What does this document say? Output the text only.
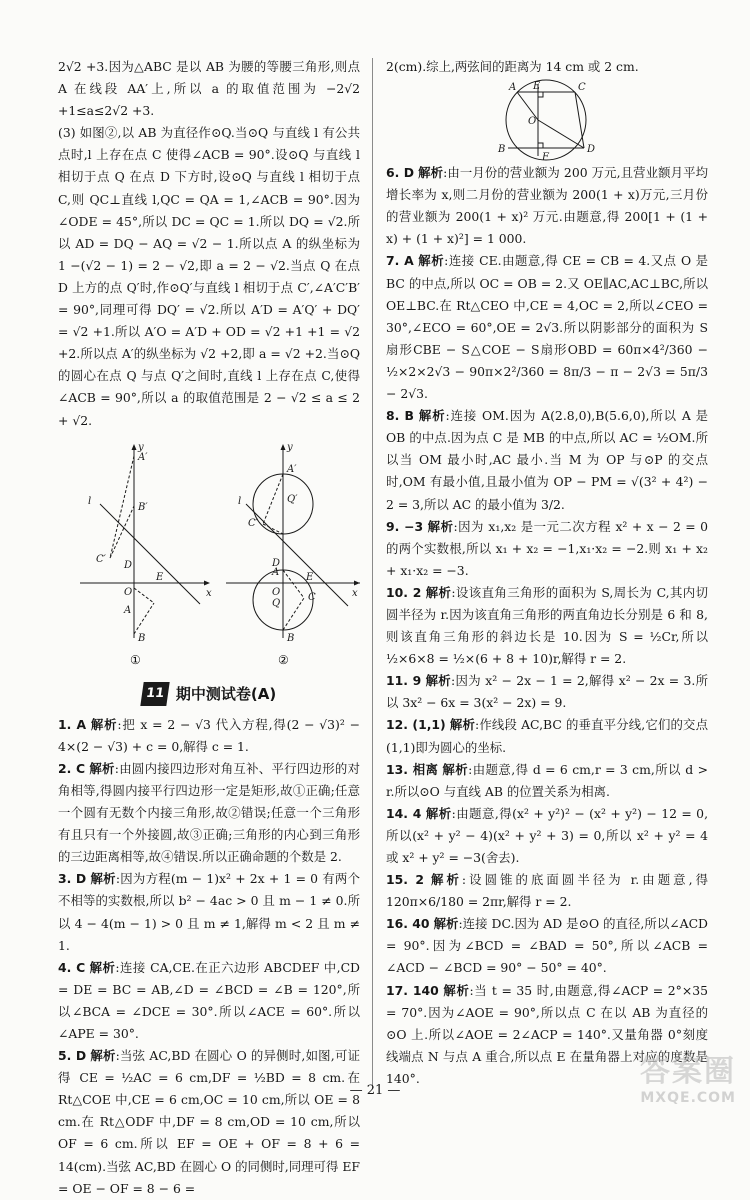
2√2 +3.因为△ABC 是以 AB 为腰的等腰三角形,则点 A 在线段 AA′上,所以 a 的取值范围为 −2√2 +1≤a≤2√2 +3.

(3) 如图②,以 AB 为直径作⊙Q.当⊙Q 与直线 l 有公共点时,l 上存在点 C 使得∠ACB = 90°.设⊙Q 与直线 l 相切于点 Q 在点 D 下方时,设⊙Q 与直线 l 相切于点 C,则 QC⊥直线 l,QC = QA = 1,∠ACB = 90°.因为∠ODE = 45°,所以 DC = QC = 1.所以 DQ = √2.所以 AD = DQ − AQ = √2 − 1.所以点 A 的纵坐标为 1 −(√2 − 1) = 2 − √2,即 a = 2 − √2.当点 Q 在点 D 上方的点 Q′时,作⊙Q′与直线 l 相切于点 C′,∠A′C′B′ = 90°,同理可得 DQ′ = √2.所以 A′D = A′Q′ + DQ′ = √2 +1.所以 A′O = A′D + OD = √2 +1 +1 = √2 +2.所以点 A′的纵坐标为 √2 +2,即 a = √2 +2.当⊙Q 的圆心在点 Q 与点 Q′之间时,直线 l 上存在点 C,使得∠ACB = 90°,所以 a 的取值范围是 2 − √2 ≤ a ≤ 2 + √2.

y
A′
B′
C′
D
E
O	x
A
B
l
y
A′
Q′
C′
D
E
O	x
A
Q
C
B
l
①	②
11 期中测试卷(A)

1. A 解析:把 x = 2 − √3 代入方程,得(2 − √3)² − 4×(2 − √3) + c = 0,解得 c = 1.

2. C 解析:由圆内接四边形对角互补、平行四边形的对角相等,得圆内接平行四边形一定是矩形,故①正确;任意一个圆有无数个内接三角形,故②错误;任意一个三角形有且只有一个外接圆,故③正确;三角形的内心到三角形的三边距离相等,故④错误.所以正确命题的个数是 2.

3. D 解析:因为方程(m − 1)x² + 2x + 1 = 0 有两个不相等的实数根,所以 b² − 4ac > 0 且 m − 1 ≠ 0.所以 4 − 4(m − 1) > 0 且 m ≠ 1,解得 m < 2 且 m ≠ 1.

4. C 解析:连接 CA,CE.在正六边形 ABCDEF 中,CD = DE = BC = AB,∠D = ∠BCD = ∠B = 120°,所以∠BCA = ∠DCE = 30°.所以∠ACE = 60°.所以∠APE = 30°.

5. D 解析:当弦 AC,BD 在圆心 O 的异侧时,如图,可证得 CE = ½AC = 6 cm,DF = ½BD = 8 cm.在 Rt△COE 中,CE = 6 cm,OC = 10 cm,所以 OE = 8 cm.在 Rt△ODF 中,DF = 8 cm,OD = 10 cm,所以 OF = 6 cm.所以 EF = OE + OF = 8 + 6 = 14(cm).当弦 AC,BD 在圆心 O 的同侧时,同理可得 EF = OE − OF = 8 − 6 =

2(cm).综上,两弦间的距离为 14 cm 或 2 cm.

A E	C
O
B
F
D

6. D 解析:由一月份的营业额为 200 万元,且营业额月平均增长率为 x,则二月份的营业额为 200(1 + x)万元,三月份的营业额为 200(1 + x)² 万元.由题意,得 200[1 + (1 + x) + (1 + x)²] = 1 000.

7. A 解析:连接 CE.由题意,得 CE = CB = 4.又点 O 是 BC 的中点,所以 OC = OB = 2.又 OE∥AC,AC⊥BC,所以 OE⊥BC.在 Rt△CEO 中,CE = 4,OC = 2,所以∠CEO = 30°,∠ECO = 60°,OE = 2√3.所以阴影部分的面积为 S扇形CBE − S△COE − S扇形OBD = 60π×4²/360 − ½×2×2√3 − 90π×2²/360 = 8π/3 − π − 2√3 = 5π/3 − 2√3.

8. B 解析:连接 OM.因为 A(2.8,0),B(5.6,0),所以 A 是 OB 的中点.因为点 C 是 MB 的中点,所以 AC = ½OM.所以当 OM 最小时,AC 最小.当 M 为 OP 与⊙P 的交点时,OM 有最小值,且最小值为 OP − PM = √(3² + 4²) − 2 = 3,所以 AC 的最小值为 3/2.

9. −3 解析:因为 x₁,x₂ 是一元二次方程 x² + x − 2 = 0 的两个实数根,所以 x₁ + x₂ = −1,x₁·x₂ = −2.则 x₁ + x₂ + x₁·x₂ = −3.

10. 2 解析:设该直角三角形的面积为 S,周长为 C,其内切圆半径为 r.因为该直角三角形的两直角边长分别是 6 和 8,则该直角三角形的斜边长是 10.因为 S = ½Cr,所以 ½×6×8 = ½×(6 + 8 + 10)r,解得 r = 2.

11. 9 解析:因为 x² − 2x − 1 = 2,解得 x² − 2x = 3.所以 3x² − 6x = 3(x² − 2x) = 9.

12. (1,1) 解析:作线段 AC,BC 的垂直平分线,它们的交点(1,1)即为圆心的坐标.

13. 相离 解析:由题意,得 d = 6 cm,r = 3 cm,所以 d > r.所以⊙O 与直线 AB 的位置关系为相离.

14. 4 解析:由题意,得(x² + y²)² − (x² + y²) − 12 = 0,所以(x² + y² − 4)(x² + y² + 3) = 0,所以 x² + y² = 4 或 x² + y² = −3(舍去).

15. 2 解析:设圆锥的底面圆半径为 r.由题意,得 120π×6/180 = 2πr,解得 r = 2.

16. 40 解析:连接 DC.因为 AD 是⊙O 的直径,所以∠ACD = 90°.因为∠BCD = ∠BAD = 50°,所以∠ACB = ∠ACD − ∠BCD = 90° − 50° = 40°.

17. 140 解析:当 t = 35 时,由题意,得∠ACP = 2°×35 = 70°.因为∠AOE = 90°,所以点 C 在以 AB 为直径的⊙O 上.所以∠AOE = 2∠ACP = 140°.又量角器 0°刻度线端点 N 与点 A 重合,所以点 E 在量角器上对应的度数是 140°.

— 21 —
答案圈
MXQE.COM
